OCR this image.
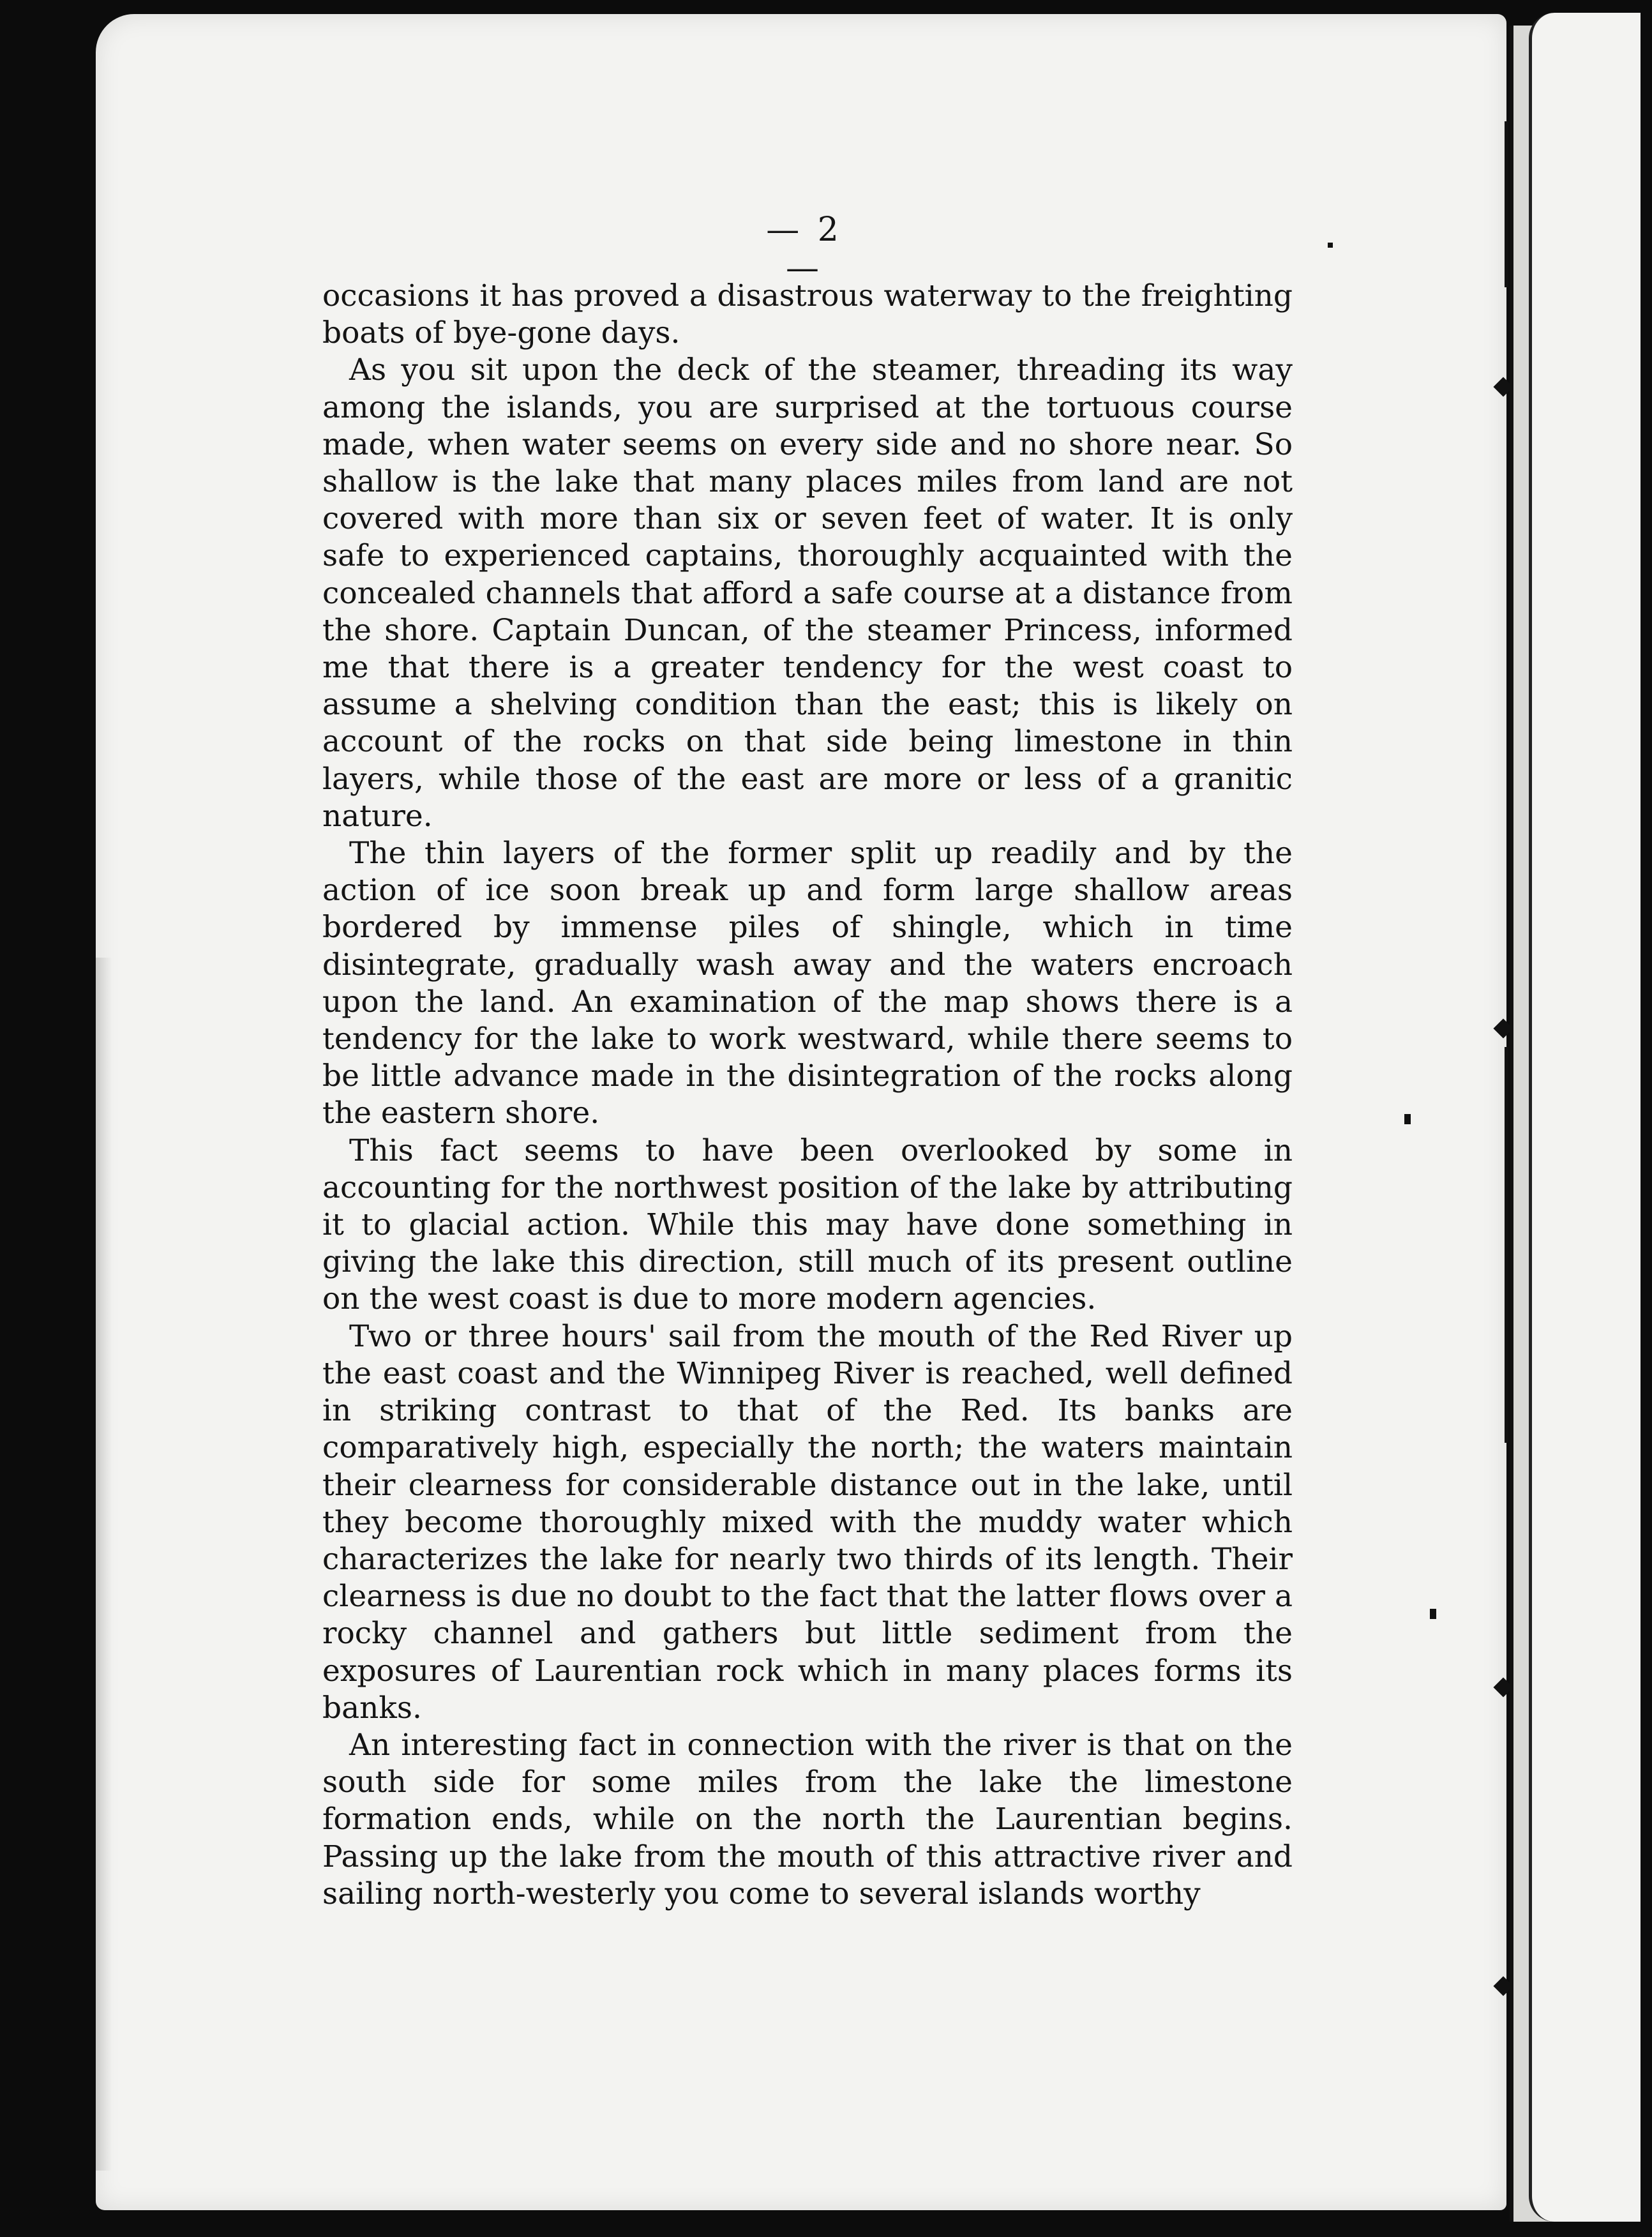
— 2 —

occasions it has proved a disastrous waterway to the freighting boats of bye-gone days.

As you sit upon the deck of the steamer, threading its way among the islands, you are surprised at the tortuous course made, when water seems on every side and no shore near. So shallow is the lake that many places miles from land are not covered with more than six or seven feet of water. It is only safe to experienced captains, thoroughly acquainted with the concealed channels that afford a safe course at a distance from the shore. Captain Duncan, of the steamer Princess, informed me that there is a greater tendency for the west coast to assume a shelving condition than the east; this is likely on account of the rocks on that side being limestone in thin layers, while those of the east are more or less of a granitic nature.

The thin layers of the former split up readily and by the action of ice soon break up and form large shallow areas bordered by immense piles of shingle, which in time disintegrate, gradually wash away and the waters encroach upon the land. An examination of the map shows there is a tendency for the lake to work westward, while there seems to be little advance made in the disintegration of the rocks along the eastern shore.

This fact seems to have been overlooked by some in accounting for the northwest position of the lake by attributing it to glacial action. While this may have done something in giving the lake this direction, still much of its present outline on the west coast is due to more modern agencies.

Two or three hours' sail from the mouth of the Red River up the east coast and the Winnipeg River is reached, well defined in striking contrast to that of the Red. Its banks are comparatively high, especially the north; the waters maintain their clearness for considerable distance out in the lake, until they become thoroughly mixed with the muddy water which characterizes the lake for nearly two thirds of its length. Their clearness is due no doubt to the fact that the latter flows over a rocky channel and gathers but little sediment from the exposures of Laurentian rock which in many places forms its banks.

An interesting fact in connection with the river is that on the south side for some miles from the lake the limestone formation ends, while on the north the Laurentian begins. Passing up the lake from the mouth of this attractive river and sailing north-westerly you come to several islands worthy
